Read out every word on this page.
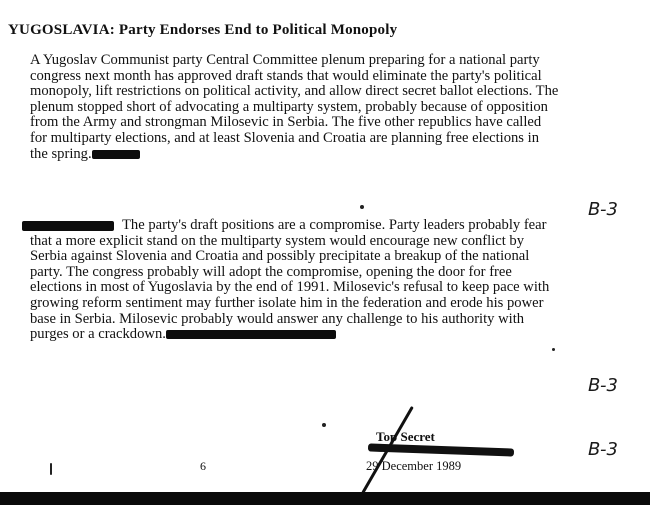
YUGOSLAVIA: Party Endorses End to Political Monopoly

A Yugoslav Communist party Central Committee plenum preparing for a national party congress next month has approved draft stands that would eliminate the party's political monopoly, lift restrictions on political activity, and allow direct secret ballot elections. The plenum stopped short of advocating a multiparty system, probably because of opposition from the Army and strongman Milosevic in Serbia. The five other republics have called for multiparty elections, and at least Slovenia and Croatia are planning free elections in the spring.

The party's draft positions are a compromise. Party leaders probably fear that a more explicit stand on the multiparty system would encourage new conflict by Serbia against Slovenia and Croatia and possibly precipitate a breakup of the national party. The congress probably will adopt the compromise, opening the door for free elections in most of Yugoslavia by the end of 1991. Milosevic's refusal to keep pace with growing reform sentiment may further isolate him in the federation and erode his power base in Serbia. Milosevic probably would answer any challenge to his authority with purges or a crackdown.

B-3
B-3
B-3
Top Secret
6	29 December 1989
